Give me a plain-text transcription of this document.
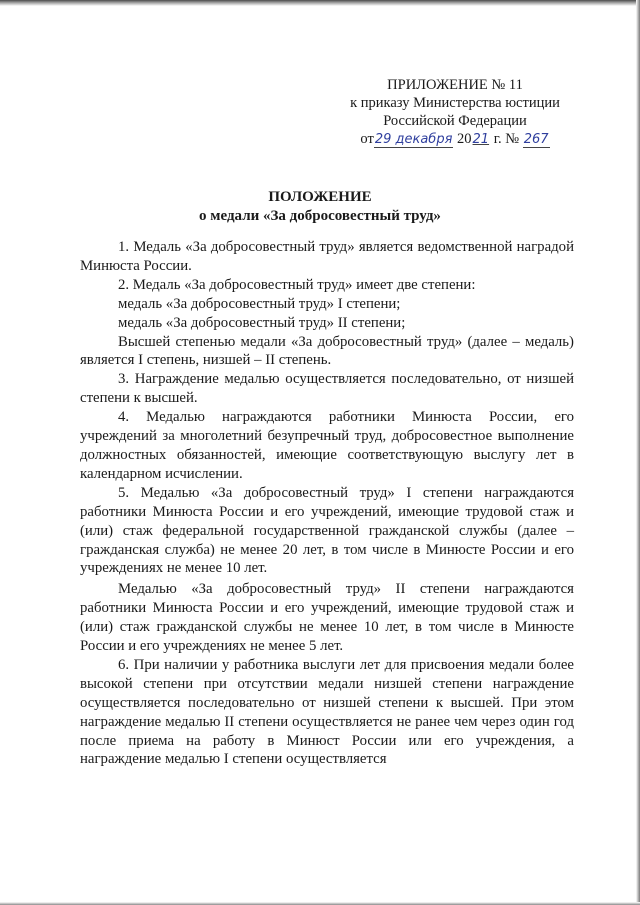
ПРИЛОЖЕНИЕ № 11
к приказу Министерства юстиции
Российской Федерации
от29 декабря 2021 г. № 267
ПОЛОЖЕНИЕ
о медали «За добросовестный труд»

1. Медаль «За добросовестный труд» является ведомственной наградой Минюста России.

2. Медаль «За добросовестный труд» имеет две степени:

медаль «За добросовестный труд» I степени;

медаль «За добросовестный труд» II степени;

Высшей степенью медали «За добросовестный труд» (далее – медаль) является I степень, низшей – II степень.

3. Награждение медалью осуществляется последовательно, от низшей степени к высшей.

4. Медалью награждаются работники Минюста России, его учреждений за многолетний безупречный труд, добросовестное выполнение должностных обязанностей, имеющие соответствующую выслугу лет в календарном исчислении.

5. Медалью «За добросовестный труд» I степени награждаются работники Минюста России и его учреждений, имеющие трудовой стаж и (или) стаж федеральной государственной гражданской службы (далее – гражданская служба) не менее 20 лет, в том числе в Минюсте России и его учреждениях не менее 10 лет.

Медалью «За добросовестный труд» II степени награждаются работники Минюста России и его учреждений, имеющие трудовой стаж и (или) стаж гражданской службы не менее 10 лет, в том числе в Минюсте России и его учреждениях не менее 5 лет.

6. При наличии у работника выслуги лет для присвоения медали более высокой степени при отсутствии медали низшей степени награждение осуществляется последовательно от низшей степени к высшей. При этом награждение медалью II степени осуществляется не ранее чем через один год после приема на работу в Минюст России или его учреждения, а награждение медалью I степени осуществляется
